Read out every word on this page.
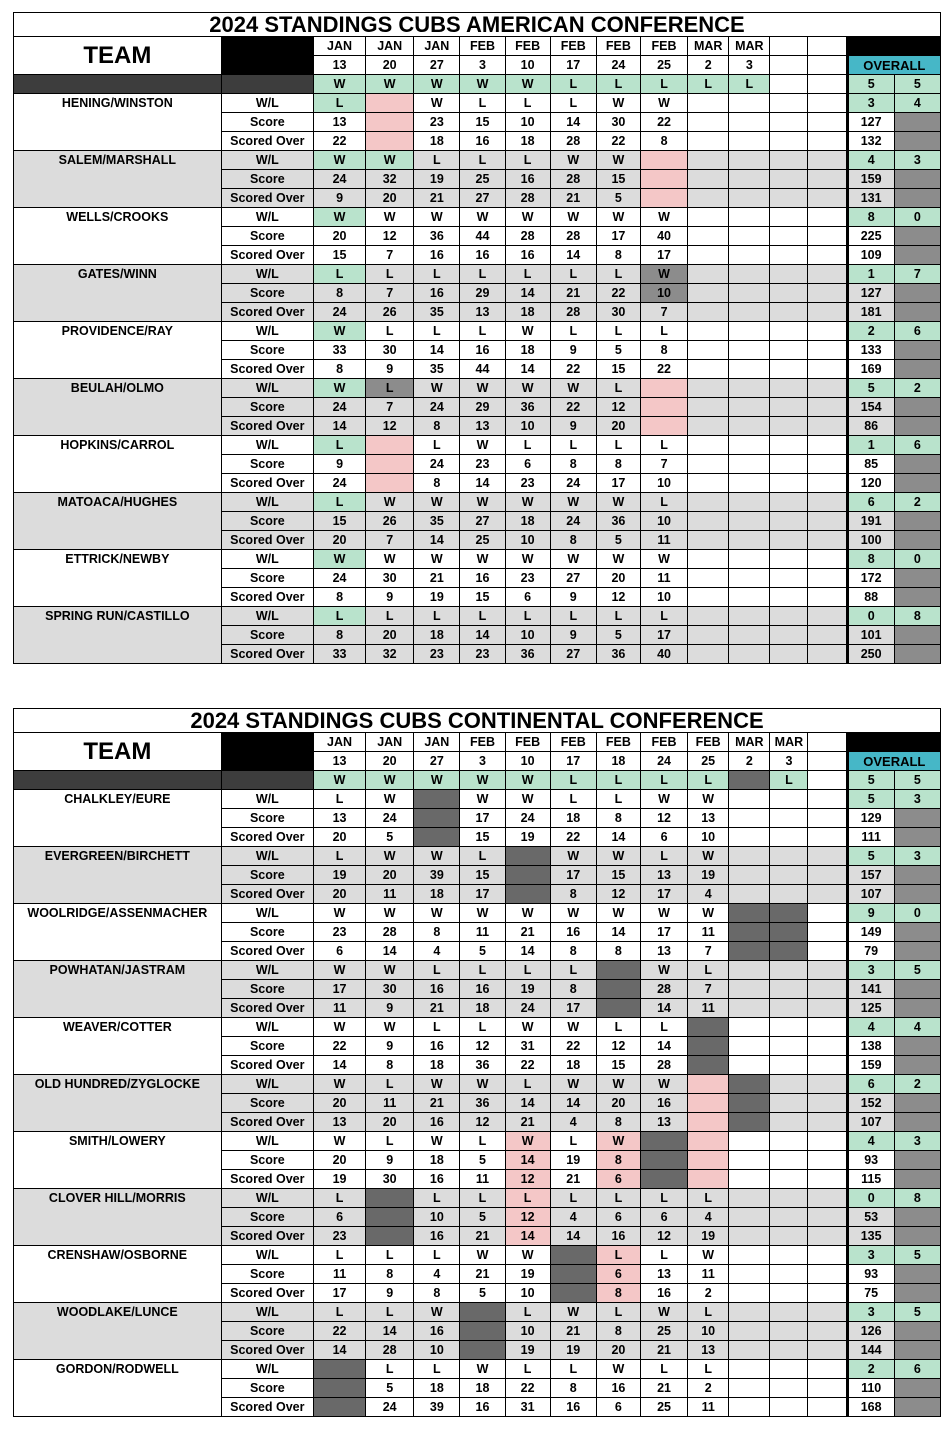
2024 STANDINGS CUBS AMERICAN CONFERENCE
TEAM		JAN	JAN	JAN	FEB	FEB	FEB	FEB	FEB	MAR	MAR				
		13	20	27	3	10	17	24	25	2	3			OVERALL	
		W	W	W	W	W	L	L	L	L	L			5	5
HENING/WINSTON	W/L	L		W	L	L	L	W	W					3	4
	Score	13		23	15	10	14	30	22					127	
	Scored Over	22		18	16	18	28	22	8					132	
SALEM/MARSHALL	W/L	W	W	L	L	L	W	W						4	3
	Score	24	32	19	25	16	28	15						159	
	Scored Over	9	20	21	27	28	21	5						131	
WELLS/CROOKS	W/L	W	W	W	W	W	W	W	W					8	0
	Score	20	12	36	44	28	28	17	40					225	
	Scored Over	15	7	16	16	16	14	8	17					109	
GATES/WINN	W/L	L	L	L	L	L	L	L	W					1	7
	Score	8	7	16	29	14	21	22	10					127	
	Scored Over	24	26	35	13	18	28	30	7					181	
PROVIDENCE/RAY	W/L	W	L	L	L	W	L	L	L					2	6
	Score	33	30	14	16	18	9	5	8					133	
	Scored Over	8	9	35	44	14	22	15	22					169	
BEULAH/OLMO	W/L	W	L	W	W	W	W	L						5	2
	Score	24	7	24	29	36	22	12						154	
	Scored Over	14	12	8	13	10	9	20						86	
HOPKINS/CARROL	W/L	L		L	W	L	L	L	L					1	6
	Score	9		24	23	6	8	8	7					85	
	Scored Over	24		8	14	23	24	17	10					120	
MATOACA/HUGHES	W/L	L	W	W	W	W	W	W	L					6	2
	Score	15	26	35	27	18	24	36	10					191	
	Scored Over	20	7	14	25	10	8	5	11					100	
ETTRICK/NEWBY	W/L	W	W	W	W	W	W	W	W					8	0
	Score	24	30	21	16	23	27	20	11					172	
	Scored Over	8	9	19	15	6	9	12	10					88	
SPRING RUN/CASTILLO	W/L	L	L	L	L	L	L	L	L					0	8
	Score	8	20	18	14	10	9	5	17					101	
	Scored Over	33	32	23	23	36	27	36	40					250	
2024 STANDINGS CUBS CONTINENTAL CONFERENCE
TEAM		JAN	JAN	JAN	FEB	FEB	FEB	FEB	FEB	FEB	MAR	MAR			
		13	20	27	3	10	17	18	24	25	2	3		OVERALL	
		W	W	W	W	W	L	L	L	L		L		5	5
CHALKLEY/EURE	W/L	L	W		W	W	L	L	W	W				5	3
	Score	13	24		17	24	18	8	12	13				129	
	Scored Over	20	5		15	19	22	14	6	10				111	
EVERGREEN/BIRCHETT	W/L	L	W	W	L		W	W	L	W				5	3
	Score	19	20	39	15		17	15	13	19				157	
	Scored Over	20	11	18	17		8	12	17	4				107	
WOOLRIDGE/ASSENMACHER	W/L	W	W	W	W	W	W	W	W	W				9	0
	Score	23	28	8	11	21	16	14	17	11				149	
	Scored Over	6	14	4	5	14	8	8	13	7				79	
POWHATAN/JASTRAM	W/L	W	W	L	L	L	L		W	L				3	5
	Score	17	30	16	16	19	8		28	7				141	
	Scored Over	11	9	21	18	24	17		14	11				125	
WEAVER/COTTER	W/L	W	W	L	L	W	W	L	L					4	4
	Score	22	9	16	12	31	22	12	14					138	
	Scored Over	14	8	18	36	22	18	15	28					159	
OLD HUNDRED/ZYGLOCKE	W/L	W	L	W	W	L	W	W	W					6	2
	Score	20	11	21	36	14	14	20	16					152	
	Scored Over	13	20	16	12	21	4	8	13					107	
SMITH/LOWERY	W/L	W	L	W	L	W	L	W						4	3
	Score	20	9	18	5	14	19	8						93	
	Scored Over	19	30	16	11	12	21	6						115	
CLOVER HILL/MORRIS	W/L	L		L	L	L	L	L	L	L				0	8
	Score	6		10	5	12	4	6	6	4				53	
	Scored Over	23		16	21	14	14	16	12	19				135	
CRENSHAW/OSBORNE	W/L	L	L	L	W	W		L	L	W				3	5
	Score	11	8	4	21	19		6	13	11				93	
	Scored Over	17	9	8	5	10		8	16	2				75	
WOODLAKE/LUNCE	W/L	L	L	W		L	W	L	W	L				3	5
	Score	22	14	16		10	21	8	25	10				126	
	Scored Over	14	28	10		19	19	20	21	13				144	
GORDON/RODWELL	W/L		L	L	W	L	L	W	L	L				2	6
	Score		5	18	18	22	8	16	21	2				110	
	Scored Over		24	39	16	31	16	6	25	11				168	
